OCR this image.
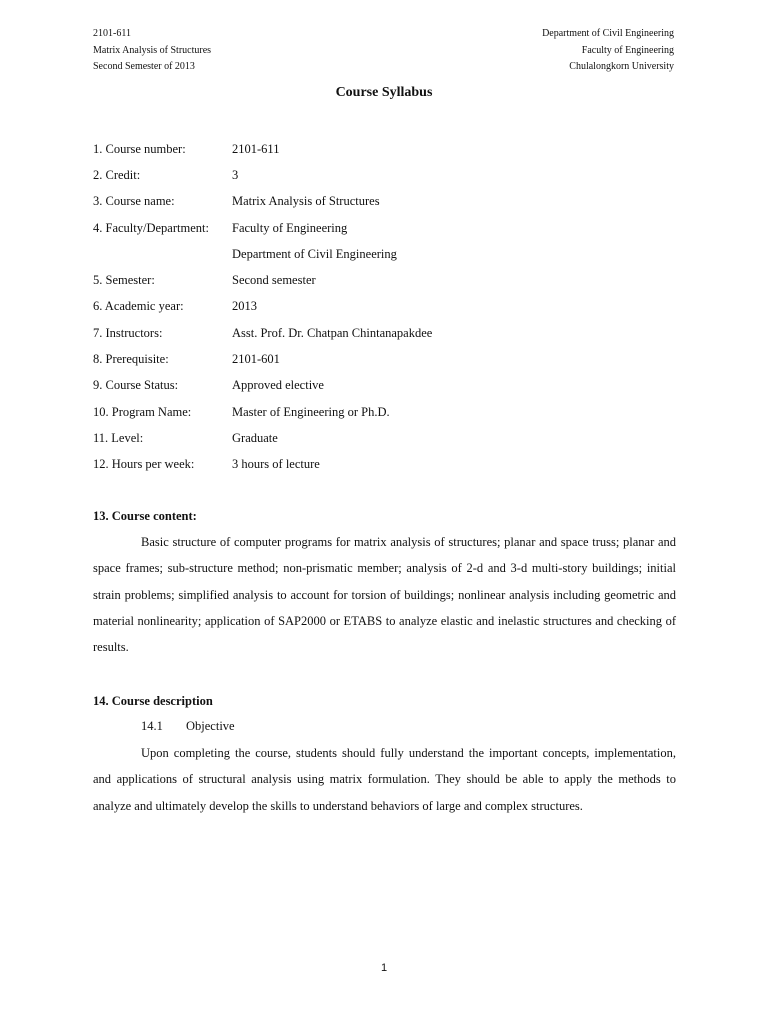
2101-611
Matrix Analysis of Structures
Second Semester of 2013
Department of Civil Engineering
Faculty of Engineering
Chulalongkorn University
Course Syllabus
1. Course number:	2101-611
2. Credit:	3
3. Course name:	Matrix Analysis of Structures
4. Faculty/Department:	Faculty of Engineering
	Department of Civil Engineering
5. Semester:	Second semester
6. Academic year:	2013
7. Instructors:	Asst. Prof. Dr. Chatpan Chintanapakdee
8. Prerequisite:	2101-601
9. Course Status:	Approved elective
10. Program Name:	Master of Engineering or Ph.D.
11. Level:	Graduate
12. Hours per week:	3 hours of lecture
13. Course content:
Basic structure of computer programs for matrix analysis of structures; planar and space truss; planar and space frames; sub-structure method; non-prismatic member; analysis of 2-d and 3-d multi-story buildings; initial strain problems; simplified analysis to account for torsion of buildings; nonlinear analysis including geometric and material nonlinearity; application of SAP2000 or ETABS to analyze elastic and inelastic structures and checking of results.
14. Course description
14.1 Objective
Upon completing the course, students should fully understand the important concepts, implementation, and applications of structural analysis using matrix formulation. They should be able to apply the methods to analyze and ultimately develop the skills to understand behaviors of large and complex structures.
1
